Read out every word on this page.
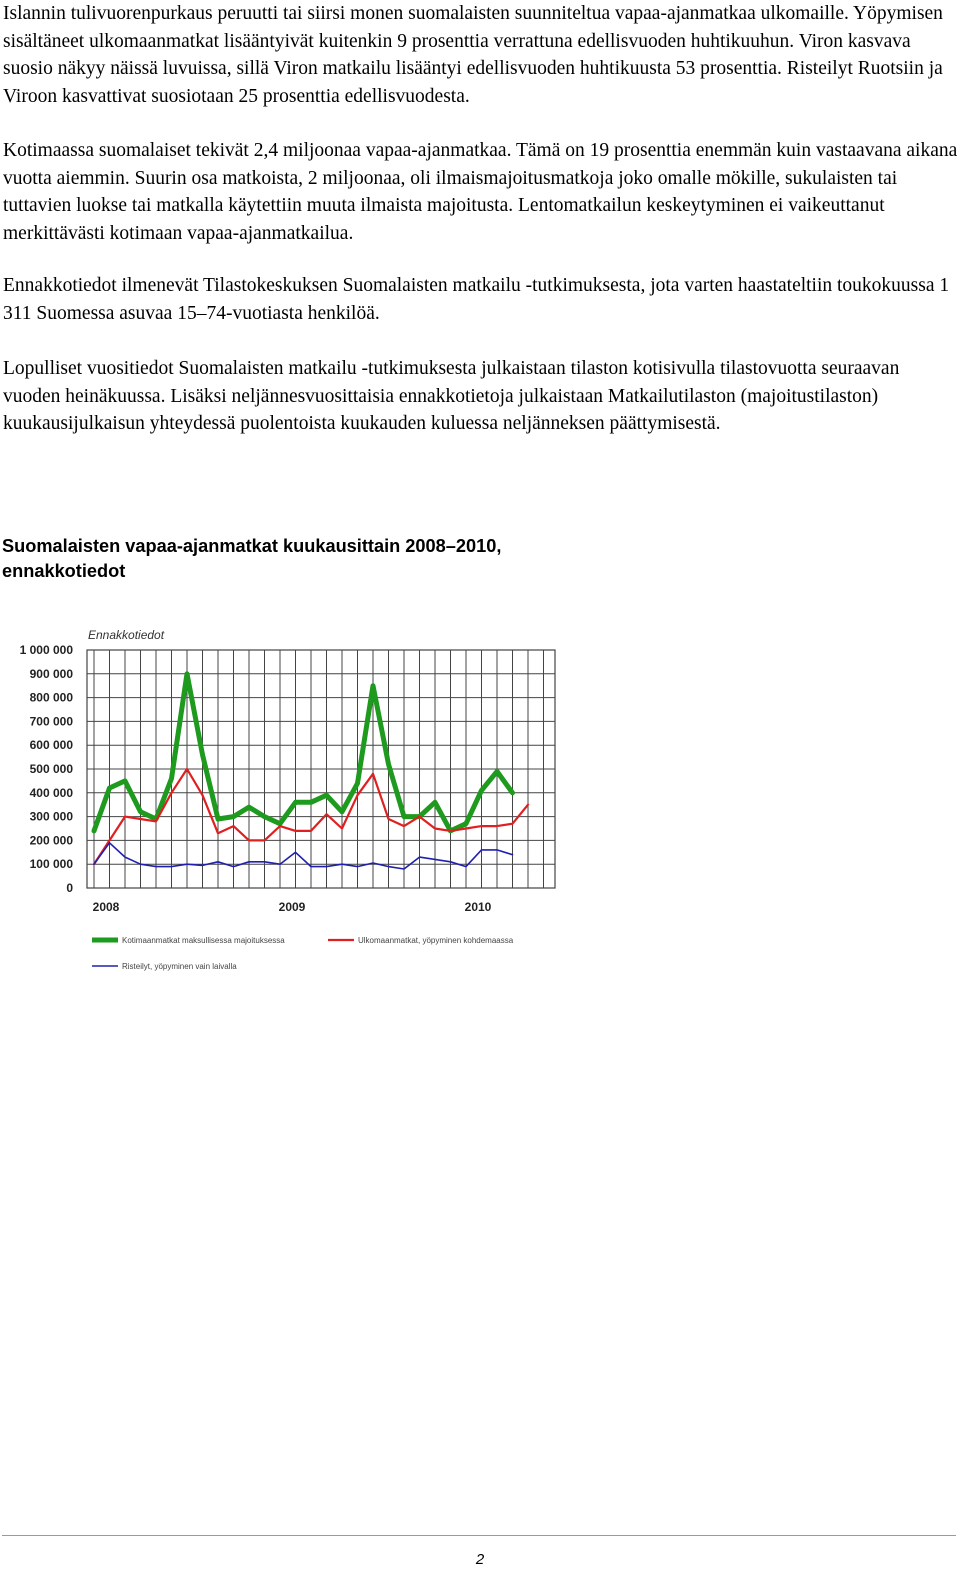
Islannin tulivuorenpurkaus peruutti tai siirsi monen suomalaisten suunniteltua vapaa-ajanmatkaa ulkomaille. Yöpymisen sisältäneet ulkomaanmatkat lisääntyivät kuitenkin 9 prosenttia verrattuna edellisvuoden huhtikuuhun. Viron kasvava suosio näkyy näissä luvuissa, sillä Viron matkailu lisääntyi edellisvuoden huhtikuusta 53 prosenttia. Risteilyt Ruotsiin ja Viroon kasvattivat suosiotaan 25 prosenttia edellisvuodesta.

Kotimaassa suomalaiset tekivät 2,4 miljoonaa vapaa-ajanmatkaa. Tämä on 19 prosenttia enemmän kuin vastaavana aikana vuotta aiemmin. Suurin osa matkoista, 2 miljoonaa, oli ilmaismajoitusmatkoja joko omalle mökille, sukulaisten tai tuttavien luokse tai matkalla käytettiin muuta ilmaista majoitusta. Lentomatkailun keskeytyminen ei vaikeuttanut merkittävästi kotimaan vapaa-ajanmatkailua.

Ennakkotiedot ilmenevät Tilastokeskuksen Suomalaisten matkailu -tutkimuksesta, jota varten haastateltiin toukokuussa 1 311 Suomessa asuvaa 15–74-vuotiasta henkilöä.

Lopulliset vuositiedot Suomalaisten matkailu -tutkimuksesta julkaistaan tilaston kotisivulla tilastovuotta seuraavan vuoden heinäkuussa. Lisäksi neljännesvuosittaisia ennakkotietoja julkaistaan Matkailutilaston (majoitustilaston) kuukausijulkaisun yhteydessä puolentoista kuukauden kuluessa neljänneksen päättymisestä.

Suomalaisten vapaa-ajanmatkat kuukausittain 2008–2010, ennakkotiedot
Ennakkotiedot
0
100 000
200 000
300 000
400 000
500 000
600 000
700 000
800 000
900 000
1 000 000
2008	2009	2010
Kotimaanmatkat maksullisessa majoituksessa	Ulkomaanmatkat, yöpyminen kohdemaassa
Risteilyt, yöpyminen vain laivalla
2
